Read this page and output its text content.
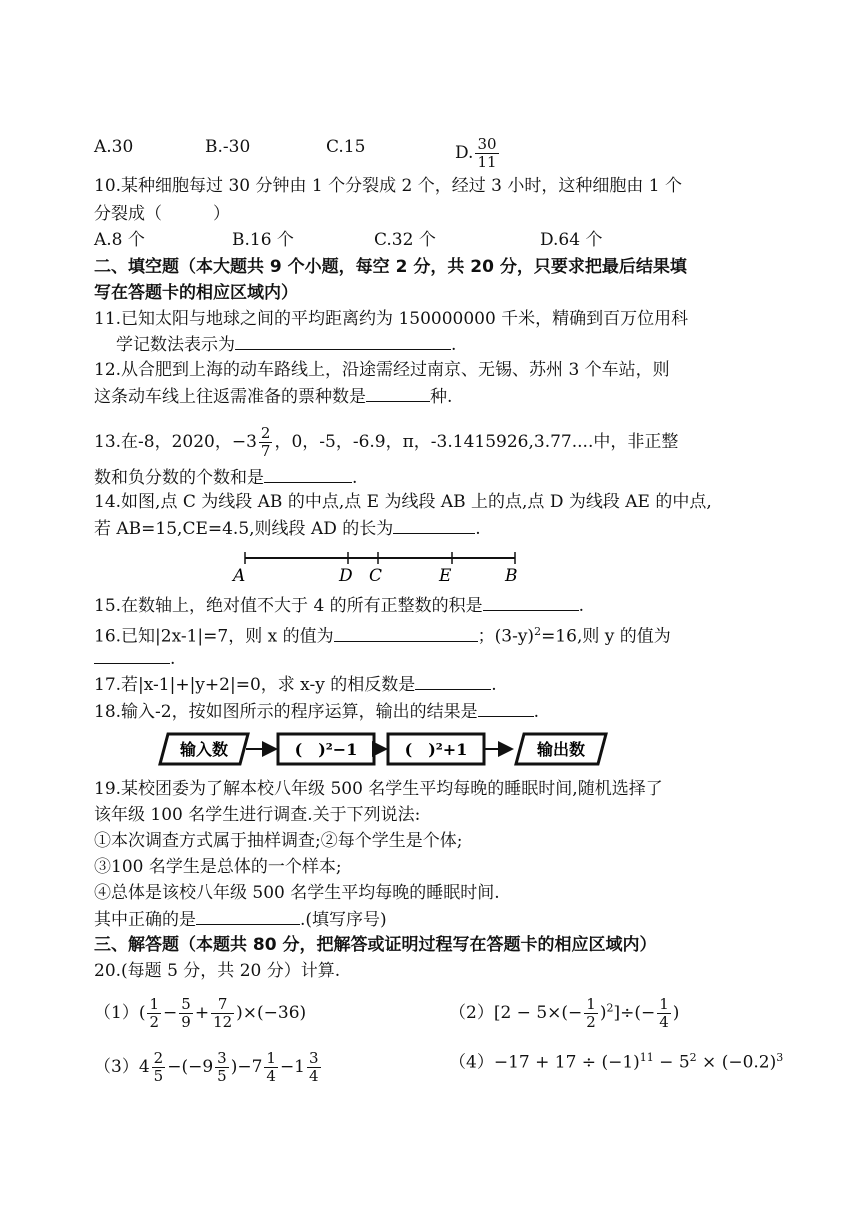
A.30	B.-30	C.15	D. $\frac{30}{11}$
10.某种细胞每过 30 分钟由 1 个分裂成 2 个，经过 3 小时，这种细胞由 1 个
分裂成（　　　）
A.8 个	B.16 个	C.32 个	D.64 个
二、填空题（本大题共 9 个小题，每空 2 分，共 20 分，只要求把最后结果填
写在答题卡的相应区域内）
11.已知太阳与地球之间的平均距离约为 150000000 千米，精确到百万位用科
学记数法表示为	.
12.从合肥到上海的动车路线上，沿途需经过南京、无锡、苏州 3 个车站，则
这条动车线上往返需准备的票种数是	种.
13.在-8，2020，$-3 \frac{2}{7}$ ，0，-5，-6.9，π，-3.1415926,3.77....中，非正整
数和负分数的个数和是	.
14.如图,点 C 为线段 AB 的中点,点 E 为线段 AB 上的点,点 D 为线段 AE 的中点,
若 AB=15,CE=4.5,则线段 AD 的长为	.
A	D C	E	B
15.在数轴上，绝对值不大于 4 的所有正整数的积是	.
16.已知|2x-1|=7，则 x 的值为	；$(3-y)^2=16$,则 y 的值为
.
17.若|x-1|+|y+2|=0，求 x-y 的相反数是	.
18.输入-2，按如图所示的程序运算，输出的结果是	.
输入数	(　)²−1	(　)²+1	输出数
19.某校团委为了解本校八年级 500 名学生平均每晚的睡眠时间,随机选择了
该年级 100 名学生进行调查.关于下列说法:
①本次调查方式属于抽样调查;②每个学生是个体;
③100 名学生是总体的一个样本;
④总体是该校八年级 500 名学生平均每晚的睡眠时间.
其中正确的是	.(填写序号)
三、解答题（本题共 80 分，把解答或证明过程写在答题卡的相应区域内）
20.(每题 5 分，共 20 分）计算.
$(1)( \frac{1}{2} - \frac{5}{9} + \frac{7}{12} )\times(-36)$	$(2)[2 - 5\times(- \frac{1}{2} )^2]\div(- \frac{1}{4}$ )
$(3)4 \frac{2}{5} -(-9 \frac{3}{5} )-7 \frac{1}{4} -1 \frac{3}{4}$	$(4)-17 + 17 \div (-1)^{11} - 5^2 \times (-0.2)^3$
